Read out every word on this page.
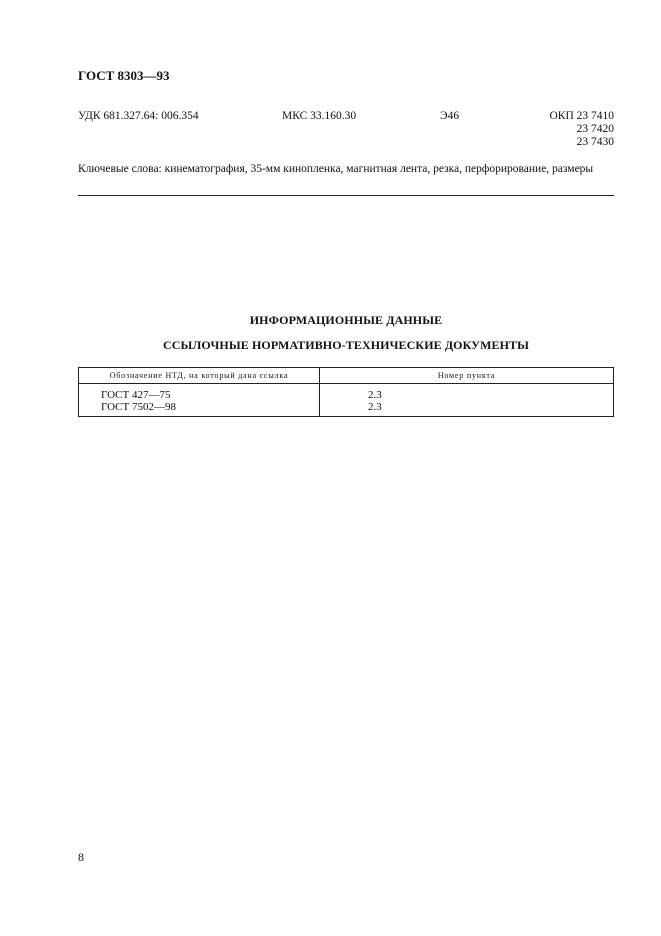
ГОСТ 8303—93
УДК 681.327.64: 006.354	МКС 33.160.30	Э46	ОКП 23 7410
23 7420
23 7430
Ключевые слова: кинематография, 35-мм кинопленка, магнитная лента, резка, перфорирование, размеры
ИНФОРМАЦИОННЫЕ ДАННЫЕ
ССЫЛОЧНЫЕ НОРМАТИВНО-ТЕХНИЧЕСКИЕ ДОКУМЕНТЫ
Обозначение НТД, на который дана ссылка	Номер пункта

ГОСТ 427—75	2.3

ГОСТ 7502—98	2.3
8
